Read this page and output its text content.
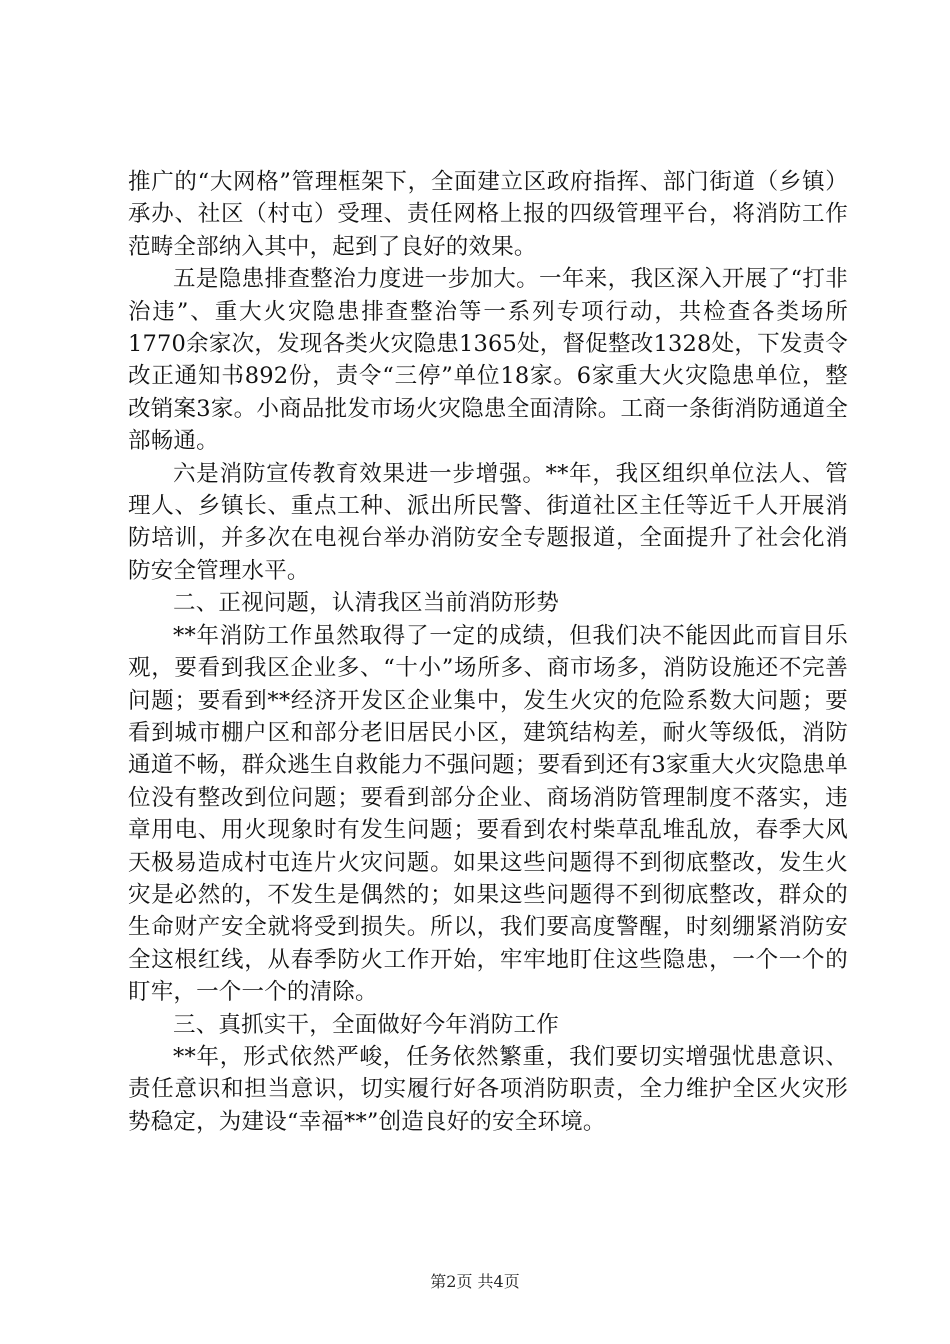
推广的“大网格”管理框架下，全面建立区政府指挥、部门街道（乡镇）承办、社区（村屯）受理、责任网格上报的四级管理平台，将消防工作范畴全部纳入其中，起到了良好的效果。

五是隐患排查整治力度进一步加大。一年来，我区深入开展了“打非治违”、重大火灾隐患排查整治等一系列专项行动，共检查各类场所1770余家次，发现各类火灾隐患1365处，督促整改1328处，下发责令改正通知书892份，责令“三停”单位18家。6家重大火灾隐患单位，整改销案3家。小商品批发市场火灾隐患全面清除。工商一条街消防通道全部畅通。

六是消防宣传教育效果进一步增强。**年，我区组织单位法人、管理人、乡镇长、重点工种、派出所民警、街道社区主任等近千人开展消防培训，并多次在电视台举办消防安全专题报道，全面提升了社会化消防安全管理水平。

二、正视问题，认清我区当前消防形势

**年消防工作虽然取得了一定的成绩，但我们决不能因此而盲目乐观，要看到我区企业多、“十小”场所多、商市场多，消防设施还不完善问题；要看到**经济开发区企业集中，发生火灾的危险系数大问题；要看到城市棚户区和部分老旧居民小区，建筑结构差，耐火等级低，消防通道不畅，群众逃生自救能力不强问题；要看到还有3家重大火灾隐患单位没有整改到位问题；要看到部分企业、商场消防管理制度不落实，违章用电、用火现象时有发生问题；要看到农村柴草乱堆乱放，春季大风天极易造成村屯连片火灾问题。如果这些问题得不到彻底整改，发生火灾是必然的，不发生是偶然的；如果这些问题得不到彻底整改，群众的生命财产安全就将受到损失。所以，我们要高度警醒，时刻绷紧消防安全这根红线，从春季防火工作开始，牢牢地盯住这些隐患，一个一个的盯牢，一个一个的清除。

三、真抓实干，全面做好今年消防工作

**年，形式依然严峻，任务依然繁重，我们要切实增强忧患意识、责任意识和担当意识，切实履行好各项消防职责，全力维护全区火灾形势稳定，为建设“幸福**”创造良好的安全环境。

第2页 共4页
